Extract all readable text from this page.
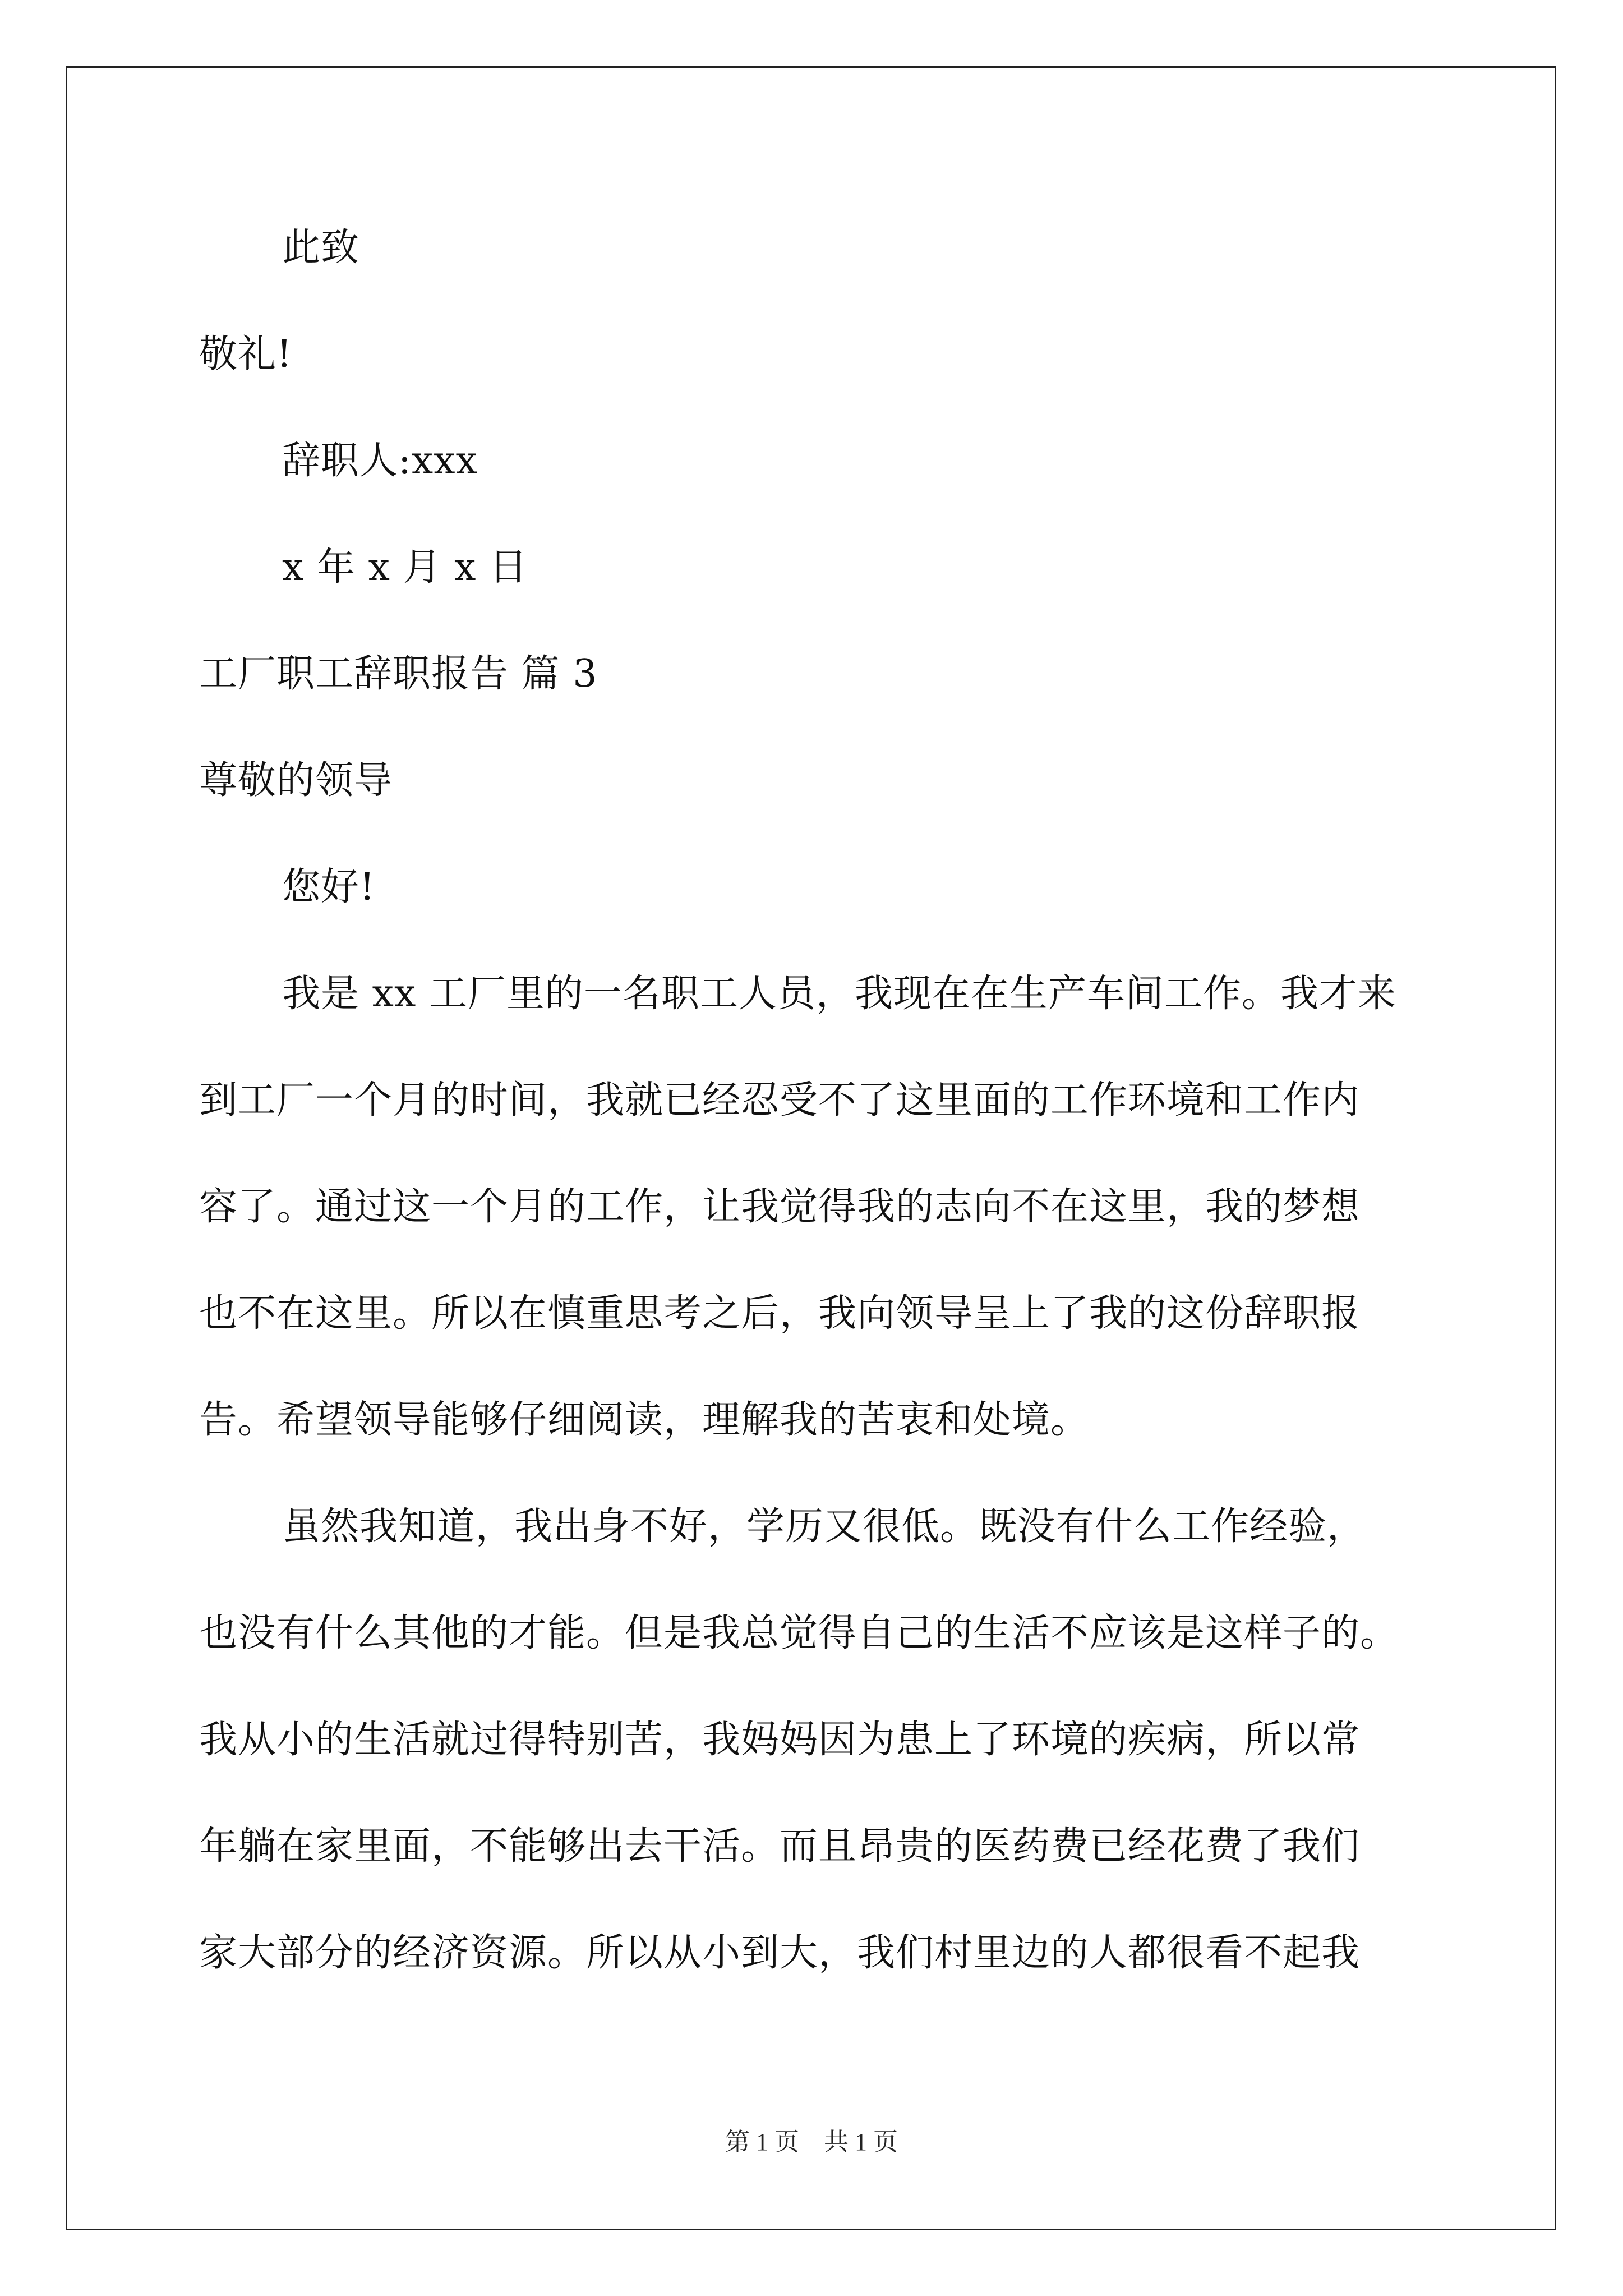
此致
敬礼!
辞职人:xxx
x 年 x 月 x 日
工厂职工辞职报告 篇 3
尊敬的领导
您好!
我是 xx 工厂里的一名职工人员，我现在在生产车间工作。我才来
到工厂一个月的时间，我就已经忍受不了这里面的工作环境和工作内
容了。通过这一个月的工作，让我觉得我的志向不在这里，我的梦想
也不在这里。所以在慎重思考之后，我向领导呈上了我的这份辞职报
告。希望领导能够仔细阅读，理解我的苦衷和处境。
虽然我知道，我出身不好，学历又很低。既没有什么工作经验，
也没有什么其他的才能。但是我总觉得自己的生活不应该是这样子的。
我从小的生活就过得特别苦，我妈妈因为患上了环境的疾病，所以常
年躺在家里面，不能够出去干活。而且昂贵的医药费已经花费了我们
家大部分的经济资源。所以从小到大，我们村里边的人都很看不起我
第 1 页　共 1 页
